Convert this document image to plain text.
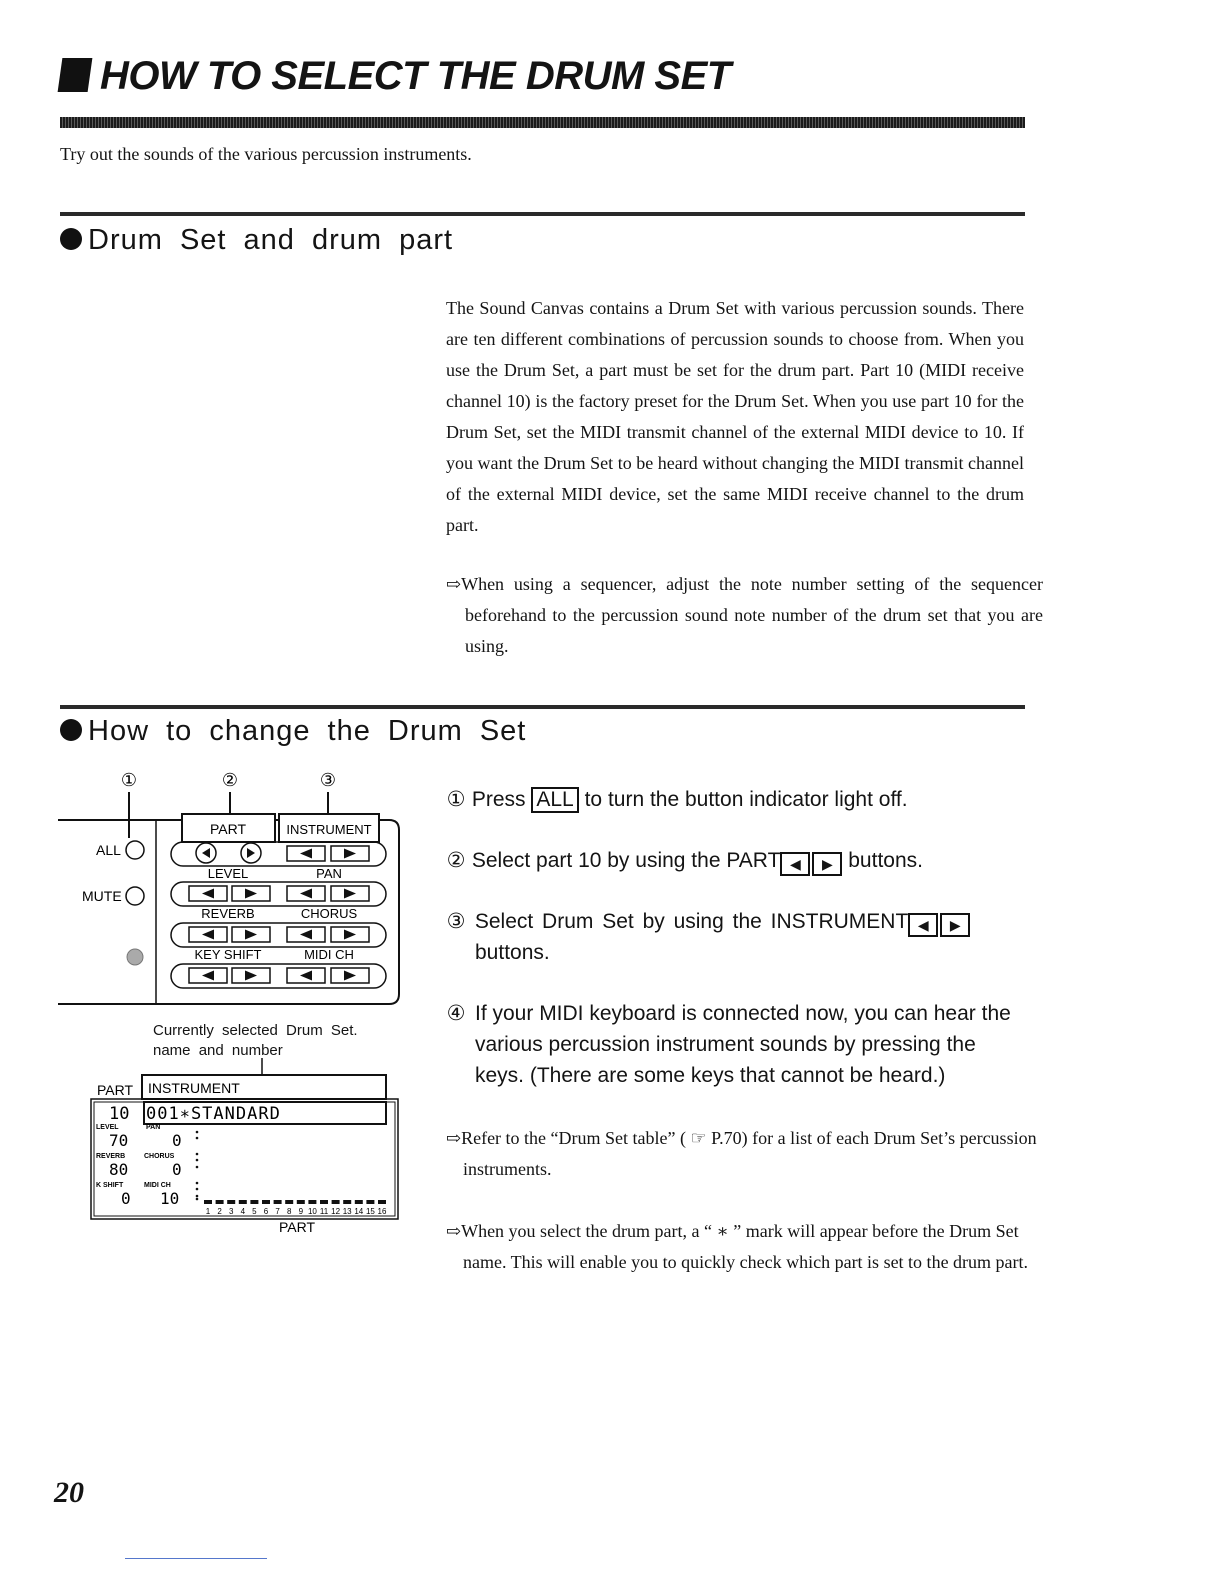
HOW TO SELECT THE DRUM SET
Try out the sounds of the various percussion instruments.
Drum Set and drum part
The Sound Canvas contains a Drum Set with various percussion sounds. There are ten different combinations of percussion sounds to choose from. When you use the Drum Set, a part must be set for the drum part. Part 10 (MIDI receive channel 10) is the factory preset for the Drum Set. When you use part 10 for the Drum Set, set the MIDI transmit channel of the external MIDI device to 10. If you want the Drum Set to be heard without changing the MIDI transmit channel of the external MIDI device, set the same MIDI receive channel to the drum part.
⇨When using a sequencer, adjust the note number setting of the sequencer beforehand to the percussion sound note number of the drum set that you are using.
How to change the Drum Set
①	②	③
ALL
MUTE
PART	INSTRUMENT
LEVEL	PAN
REVERB	CHORUS
KEY SHIFT	MIDI CH
Currently selected Drum Set.
name and number
PART INSTRUMENT
10 001∗STANDARD
LEVEL	PAN
70	0
REVERB	CHORUS
80	0
K SHIFT	MIDI CH
0 10
1 2 3 4 5 6 7 8 9 10 11 12 13 14 15 16
PART
① Press ALL to turn the button indicator light off.
② Select part 10 by using the PART ◀ ▶ buttons.
③ Select Drum Set by using the INSTRUMENT ◀ ▶
buttons.
④ If your MIDI keyboard is connected now, you can hear the various percussion instrument sounds by pressing the keys. (There are some keys that cannot be heard.)
⇨Refer to the “Drum Set table” ( ☞ P.70) for a list of each Drum Set’s percussion instruments.
⇨When you select the drum part, a “ ∗ ” mark will appear before the Drum Set name. This will enable you to quickly check which part is set to the drum part.
20
